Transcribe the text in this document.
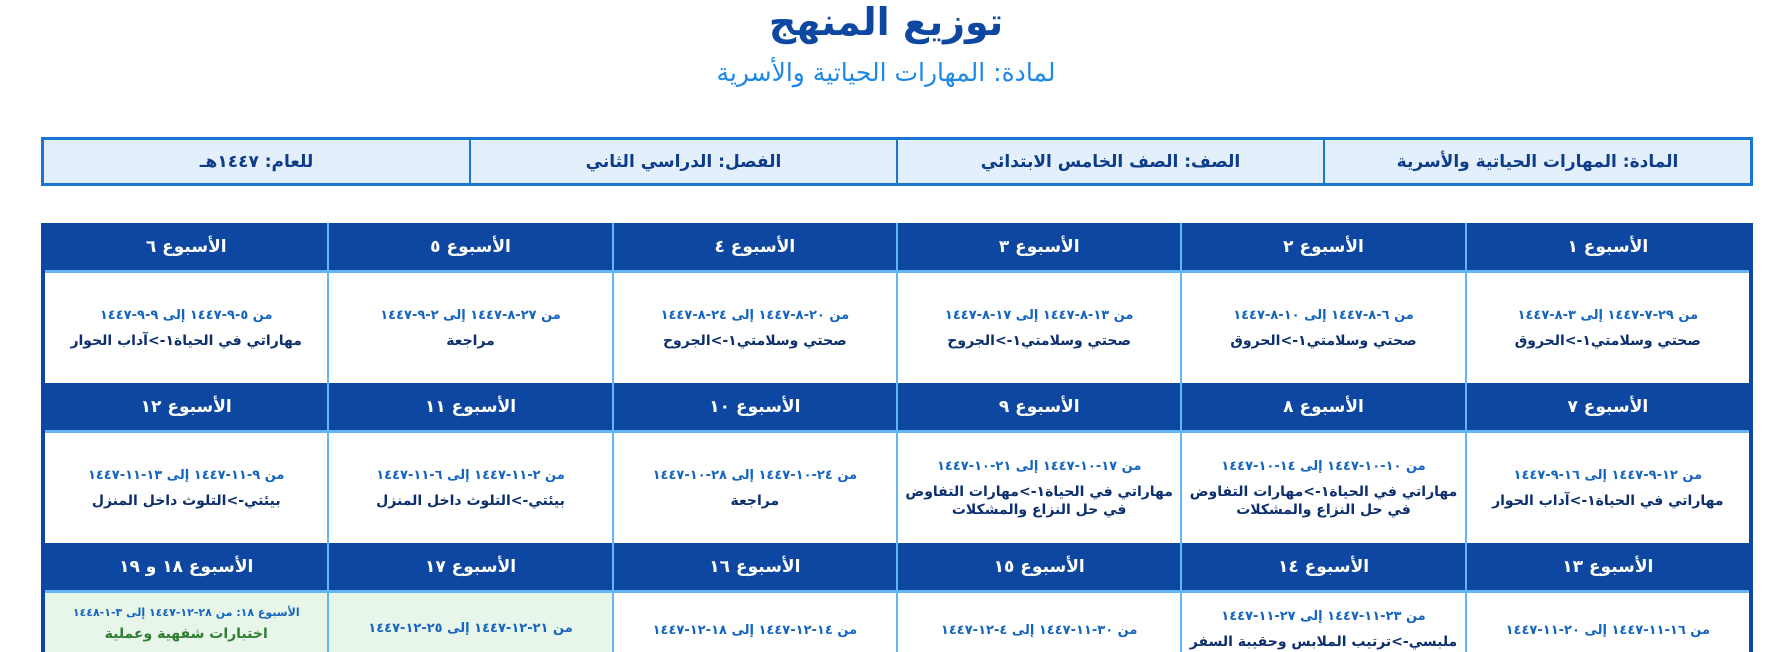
توزيع المنهج
لمادة: المهارات الحياتية والأسرية
المادة: المهارات الحياتية والأسرية
الصف: الصف الخامس الابتدائي
الفصل: الدراسي الثاني
للعام: ١٤٤٧هـ
الأسبوع ١
الأسبوع ٢
الأسبوع ٣
الأسبوع ٤
الأسبوع ٥
الأسبوع ٦
من ٢٩-٧-١٤٤٧ إلى ٣-٨-١٤٤٧
صحتي وسلامتي١->الحروق
من ٦-٨-١٤٤٧ إلى ١٠-٨-١٤٤٧
صحتي وسلامتي١->الحروق
من ١٣-٨-١٤٤٧ إلى ١٧-٨-١٤٤٧
صحتي وسلامتي١->الجروح
من ٢٠-٨-١٤٤٧ إلى ٢٤-٨-١٤٤٧
صحتي وسلامتي١->الجروح
من ٢٧-٨-١٤٤٧ إلى ٢-٩-١٤٤٧
مراجعة
من ٥-٩-١٤٤٧ إلى ٩-٩-١٤٤٧
مهاراتي في الحياة١->آداب الحوار
الأسبوع ٧
الأسبوع ٨
الأسبوع ٩
الأسبوع ١٠
الأسبوع ١١
الأسبوع ١٢
من ١٢-٩-١٤٤٧ إلى ١٦-٩-١٤٤٧
مهاراتي في الحياة١->آداب الحوار
من ١٠-١٠-١٤٤٧ إلى ١٤-١٠-١٤٤٧
مهاراتي في الحياة١->مهارات التفاوض في حل النزاع والمشكلات
من ١٧-١٠-١٤٤٧ إلى ٢١-١٠-١٤٤٧
مهاراتي في الحياة١->مهارات التفاوض في حل النزاع والمشكلات
من ٢٤-١٠-١٤٤٧ إلى ٢٨-١٠-١٤٤٧
مراجعة
من ٢-١١-١٤٤٧ إلى ٦-١١-١٤٤٧
بيئتي->التلوث داخل المنزل
من ٩-١١-١٤٤٧ إلى ١٣-١١-١٤٤٧
بيئتي->التلوث داخل المنزل
الأسبوع ١٣
الأسبوع ١٤
الأسبوع ١٥
الأسبوع ١٦
الأسبوع ١٧
الأسبوع ١٨ و ١٩
من ١٦-١١-١٤٤٧ إلى ٢٠-١١-١٤٤٧
من ٢٣-١١-١٤٤٧ إلى ٢٧-١١-١٤٤٧
ملبسي->ترتيب الملابس وحقيبة السفر
من ٣٠-١١-١٤٤٧ إلى ٤-١٢-١٤٤٧
من ١٤-١٢-١٤٤٧ إلى ١٨-١٢-١٤٤٧
من ٢١-١٢-١٤٤٧ إلى ٢٥-١٢-١٤٤٧
الأسبوع ١٨: من ٢٨-١٢-١٤٤٧ إلى ٣-١-١٤٤٨
اختبارات شفهية وعملية
